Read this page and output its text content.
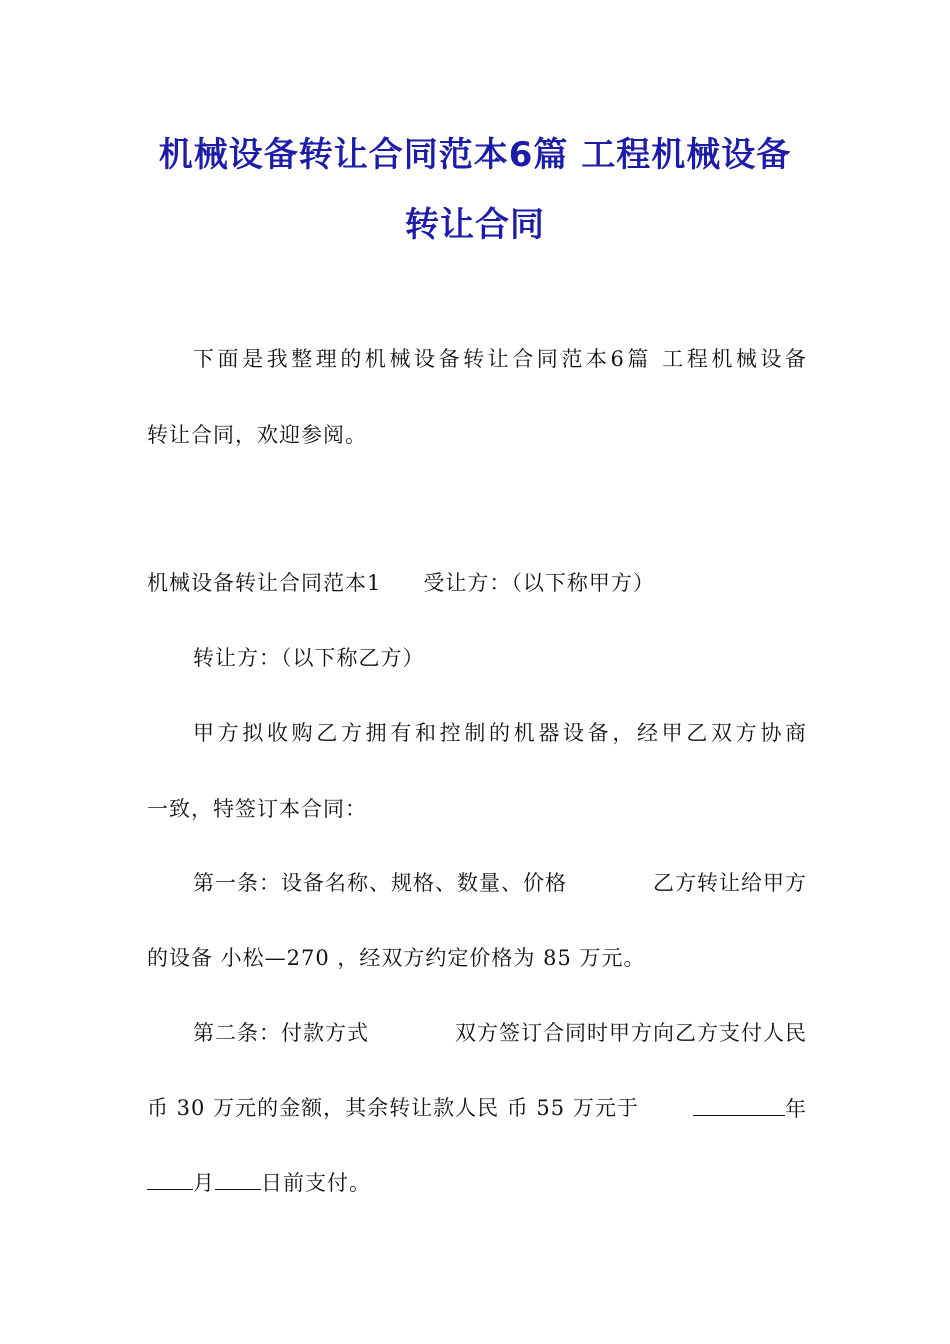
机械设备转让合同范本6篇 工程机械设备
转让合同
下面是我整理的机械设备转让合同范本6篇 工程机械设备
转让合同，欢迎参阅。
机械设备转让合同范本1 受让方：（以下称甲方）
转让方：（以下称乙方）
甲方拟收购乙方拥有和控制的机器设备，经甲乙双方协商
一致，特签订本合同：
第一条：设备名称、规格、数量、价格	乙方转让给甲方
的设备 小松—270 ，经双方约定价格为 85 万元。
第二条：付款方式	双方签订合同时甲方向乙方支付人民
币 30 万元的金额，其余转让款人民 币 55 万元于	年
月 日前支付。
